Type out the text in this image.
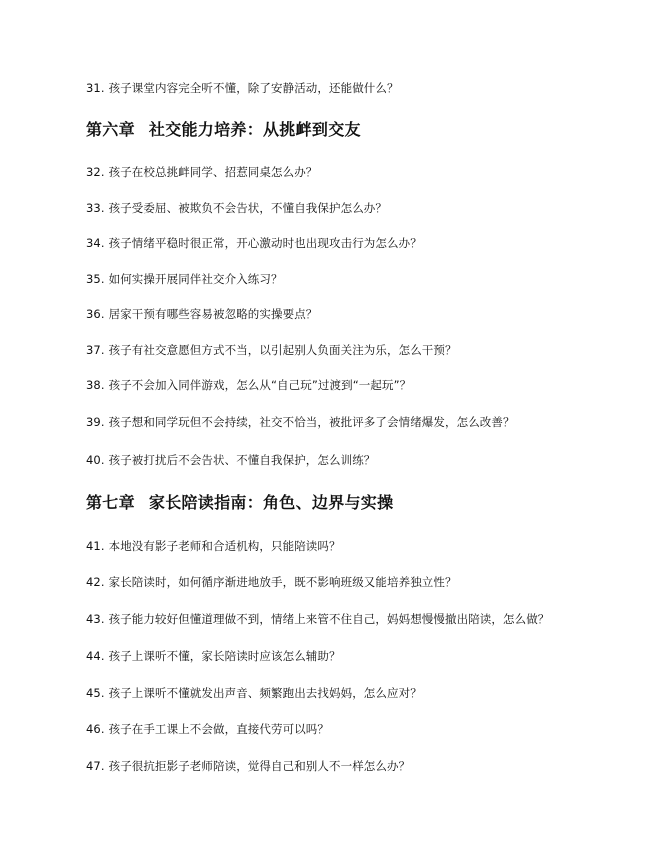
31. 孩子课堂内容完全听不懂，除了安静活动，还能做什么？
第六章 社交能力培养：从挑衅到交友
32. 孩子在校总挑衅同学、招惹同桌怎么办？
33. 孩子受委屈、被欺负不会告状，不懂自我保护怎么办？
34. 孩子情绪平稳时很正常，开心激动时也出现攻击行为怎么办？
35. 如何实操开展同伴社交介入练习？
36. 居家干预有哪些容易被忽略的实操要点？
37. 孩子有社交意愿但方式不当，以引起别人负面关注为乐，怎么干预？
38. 孩子不会加入同伴游戏，怎么从“自己玩”过渡到“一起玩”？
39. 孩子想和同学玩但不会持续，社交不恰当，被批评多了会情绪爆发，怎么改善？
40. 孩子被打扰后不会告状、不懂自我保护，怎么训练？
第七章 家长陪读指南：角色、边界与实操
41. 本地没有影子老师和合适机构，只能陪读吗？
42. 家长陪读时，如何循序渐进地放手，既不影响班级又能培养独立性？
43. 孩子能力较好但懂道理做不到，情绪上来管不住自己，妈妈想慢慢撤出陪读，怎么做？
44. 孩子上课听不懂，家长陪读时应该怎么辅助？
45. 孩子上课听不懂就发出声音、频繁跑出去找妈妈，怎么应对？
46. 孩子在手工课上不会做，直接代劳可以吗？
47. 孩子很抗拒影子老师陪读，觉得自己和别人不一样怎么办？
